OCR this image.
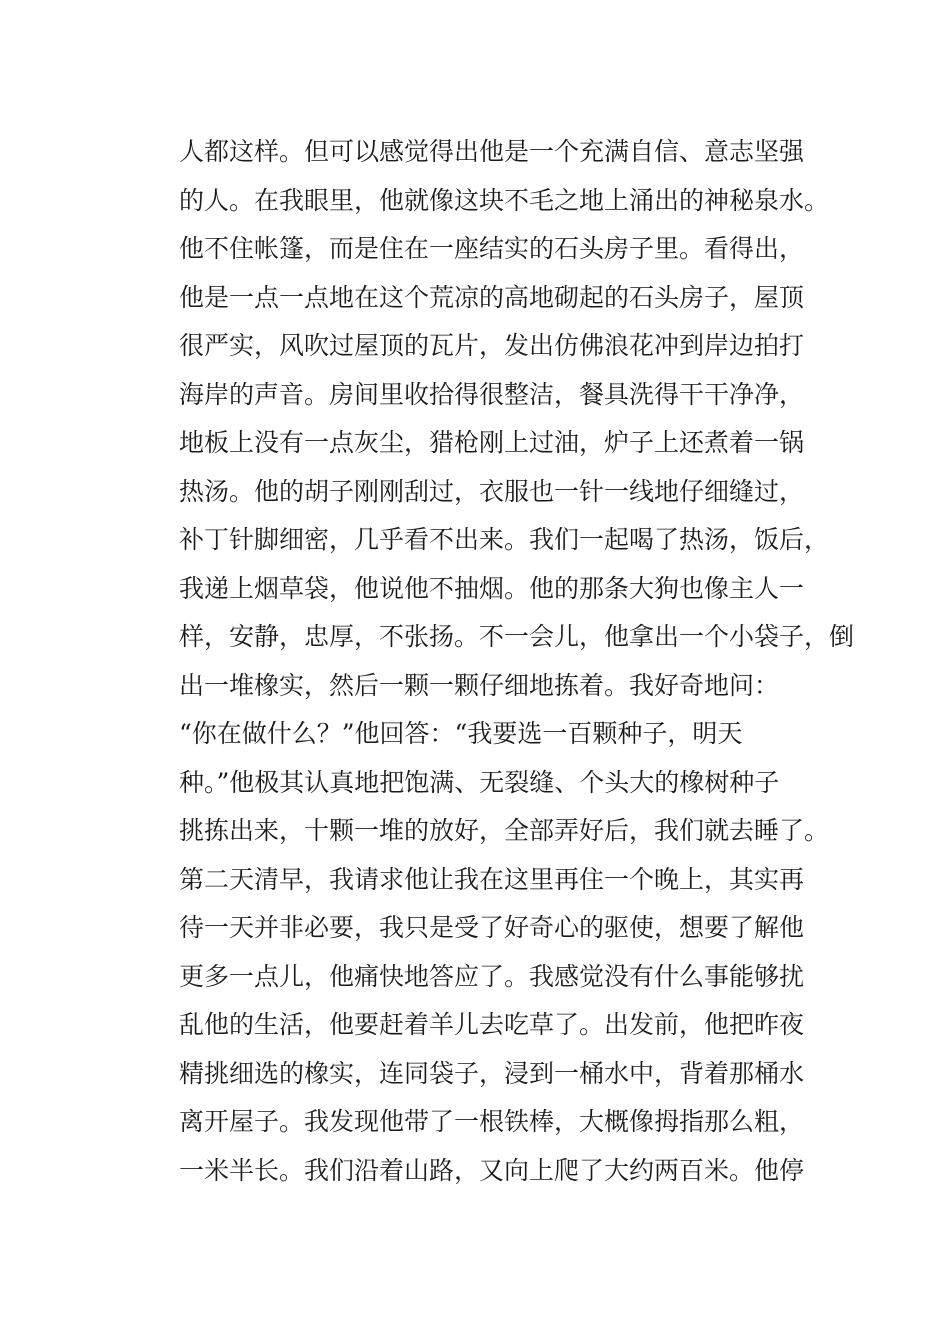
人都这样。但可以感觉得出他是一个充满自信、意志坚强
的人。在我眼里，他就像这块不毛之地上涌出的神秘泉水。
他不住帐篷，而是住在一座结实的石头房子里。看得出，
他是一点一点地在这个荒凉的高地砌起的石头房子，屋顶
很严实，风吹过屋顶的瓦片，发出仿佛浪花冲到岸边拍打
海岸的声音。房间里收拾得很整洁，餐具洗得干干净净，
地板上没有一点灰尘，猎枪刚上过油，炉子上还煮着一锅
热汤。他的胡子刚刚刮过，衣服也一针一线地仔细缝过，
补丁针脚细密，几乎看不出来。我们一起喝了热汤，饭后，
我递上烟草袋，他说他不抽烟。他的那条大狗也像主人一
样，安静，忠厚，不张扬。不一会儿，他拿出一个小袋子，倒
出一堆橡实，然后一颗一颗仔细地拣着。我好奇地问：
“你在做什么？”他回答：“我要选一百颗种子，明天
种。”他极其认真地把饱满、无裂缝、个头大的橡树种子
挑拣出来，十颗一堆的放好，全部弄好后，我们就去睡了。
第二天清早，我请求他让我在这里再住一个晚上，其实再
待一天并非必要，我只是受了好奇心的驱使，想要了解他
更多一点儿，他痛快地答应了。我感觉没有什么事能够扰
乱他的生活，他要赶着羊儿去吃草了。出发前，他把昨夜
精挑细选的橡实，连同袋子，浸到一桶水中，背着那桶水
离开屋子。我发现他带了一根铁棒，大概像拇指那么粗，
一米半长。我们沿着山路，又向上爬了大约两百米。他停
